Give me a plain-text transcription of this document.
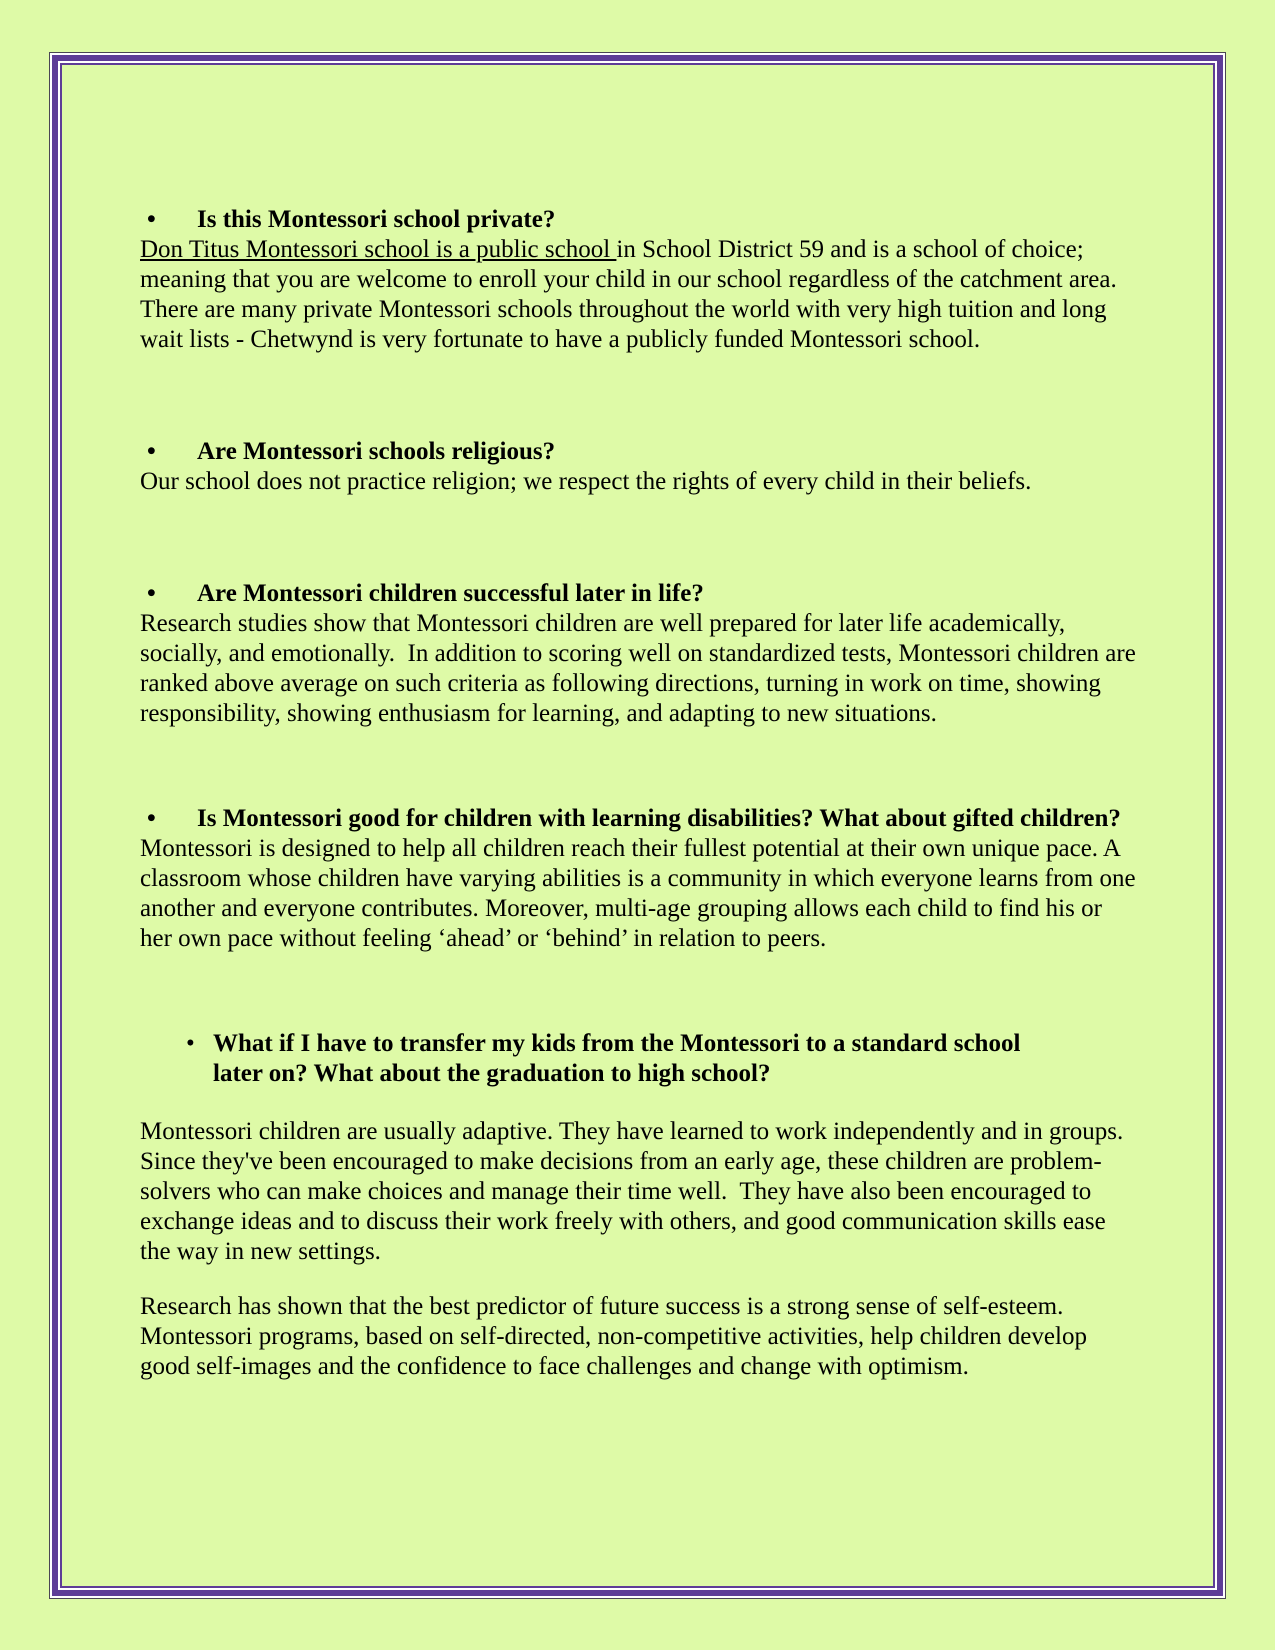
•	Is this Montessori school private?

Don Titus Montessori school is a public school in School District 59 and is a school of choice; meaning that you are welcome to enroll your child in our school regardless of the catchment area.  There are many private Montessori schools throughout the world with very high tuition and long wait lists - Chetwynd is very fortunate to have a publicly funded Montessori school.

•	Are Montessori schools religious?

Our school does not practice religion; we respect the rights of every child in their beliefs.

•	Are Montessori children successful later in life?

Research studies show that Montessori children are well prepared for later life academically, socially, and emotionally.  In addition to scoring well on standardized tests, Montessori children are ranked above average on such criteria as following directions, turning in work on time, showing responsibility, showing enthusiasm for learning, and adapting to new situations.

•	Is Montessori good for children with learning disabilities? What about gifted children?

Montessori is designed to help all children reach their fullest potential at their own unique pace. A classroom whose children have varying abilities is a community in which everyone learns from one another and everyone contributes. Moreover, multi-age grouping allows each child to find his or her own pace without feeling ‘ahead’ or ‘behind’ in relation to peers.

• What if I have to transfer my kids from the Montessori to a standard school later on? What about the graduation to high school?

Montessori children are usually adaptive. They have learned to work independently and in groups. Since they've been encouraged to make decisions from an early age, these children are problem-solvers who can make choices and manage their time well.  They have also been encouraged to exchange ideas and to discuss their work freely with others, and good communication skills ease the way in new settings.

Research has shown that the best predictor of future success is a strong sense of self-esteem. Montessori programs, based on self-directed, non-competitive activities, help children develop good self-images and the confidence to face challenges and change with optimism.
